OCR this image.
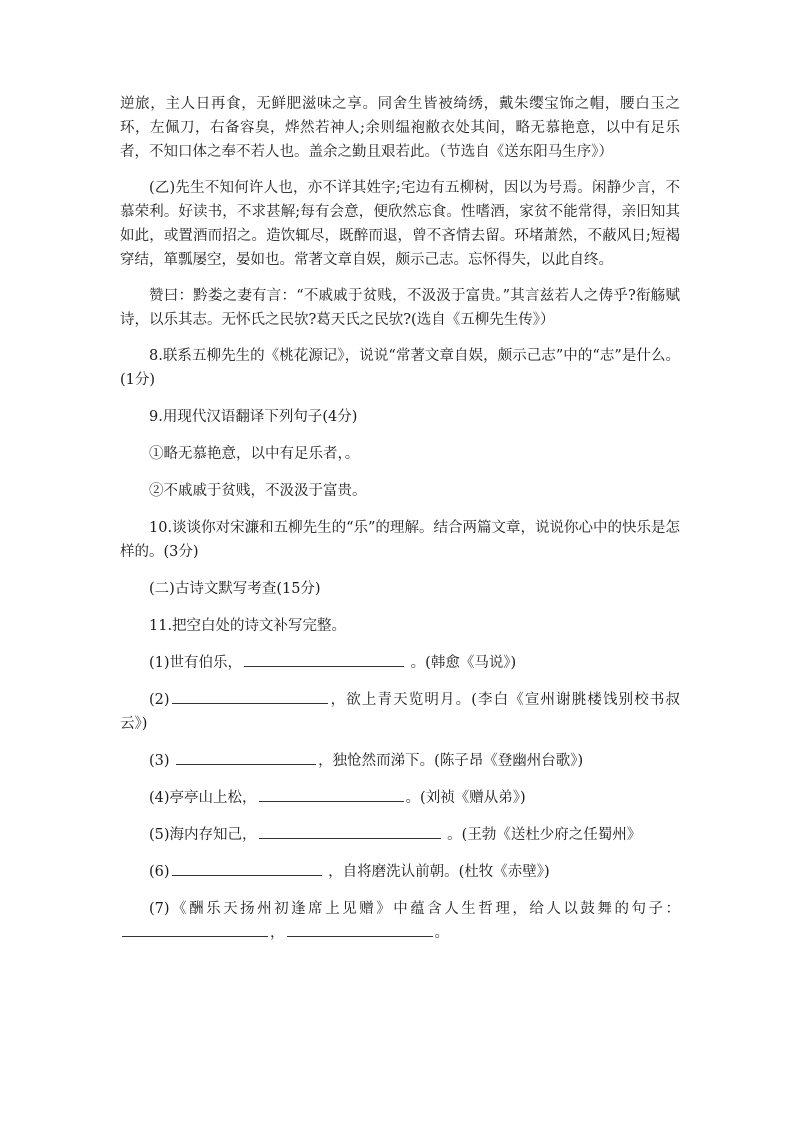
逆旅，主人日再食，无鲜肥滋味之享。同舍生皆被绮绣，戴朱缨宝饰之帽，腰白玉之环，左佩刀，右备容臭，烨然若神人;余则缊袍敝衣处其间，略无慕艳意，以中有足乐者，不知口体之奉不若人也。盖余之勤且艰若此。（节选自《送东阳马生序》）

(乙)先生不知何许人也，亦不详其姓字;宅边有五柳树，因以为号焉。闲静少言，不慕荣利。好读书，不求甚解;每有会意，便欣然忘食。性嗜酒，家贫不能常得，亲旧知其如此，或置酒而招之。造饮辄尽，既醉而退，曾不吝情去留。环堵萧然，不蔽风日;短褐穿结，箪瓢屡空，晏如也。常著文章自娱，颇示己志。忘怀得失，以此自终。

赞曰：黔娄之妻有言：“不戚戚于贫贱，不汲汲于富贵。”其言兹若人之俦乎?衔觞赋诗，以乐其志。无怀氏之民欤?葛天氏之民欤?(选自《五柳先生传》）

8.联系五柳先生的《桃花源记》，说说“常著文章自娱，颇示己志”中的“志”是什么。(1分)

9.用现代汉语翻译下列句子(4分)

①略无慕艳意，以中有足乐者，。

②不戚戚于贫贱，不汲汲于富贵。

10.谈谈你对宋濂和五柳先生的“乐”的理解。结合两篇文章，说说你心中的快乐是怎样的。(3分)

(二)古诗文默写考查(15分)

11.把空白处的诗文补写完整。

(1)世有伯乐，	。(韩愈《马说》)

(2)	，欲上青天览明月。(李白《宣州谢朓楼饯别校书叔云》)

(3)	，独怆然而涕下。(陈子昂《登幽州台歌》)

(4)亭亭山上松，	。(刘祯《赠从弟》)

(5)海内存知己，	。(王勃《送杜少府之任蜀州》

(6)	，自将磨洗认前朝。(杜牧《赤壁》)

(7)《酬乐天扬州初逢席上见赠》中蕴含人生哲理，给人以鼓舞的句子：，	。
